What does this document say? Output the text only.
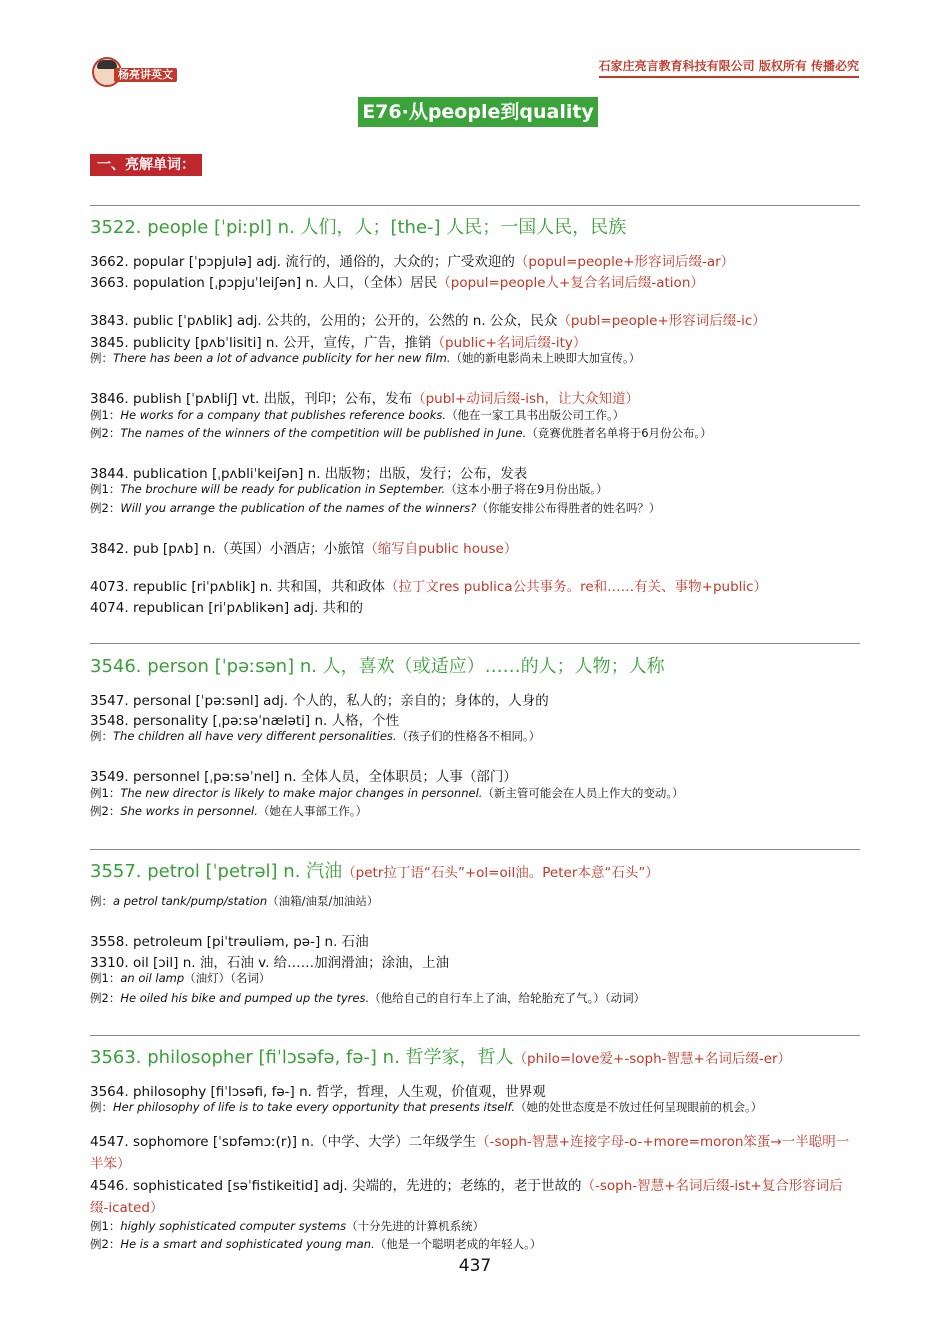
杨亮讲英文
石家庄亮言教育科技有限公司 版权所有 传播必究
E76·从people到quality
一、亮解单词：
3522. people [ˈpiːpl] n. 人们，人；[the-] 人民；一国人民，民族
3662. popular [ˈpɔpjulə] adj. 流行的，通俗的，大众的；广受欢迎的（popul=people+形容词后缀-ar）
3663. population [ˌpɔpjuˈleiʃən] n. 人口，（全体）居民（popul=people人+复合名词后缀-ation）
3843. public [ˈpʌblik] adj. 公共的，公用的；公开的，公然的 n. 公众，民众（publ=people+形容词后缀-ic）
3845. publicity [pʌbˈlisiti] n. 公开，宣传，广告，推销（public+名词后缀-ity）
例：There has been a lot of advance publicity for her new film.（她的新电影尚未上映即大加宣传。）
3846. publish [ˈpʌbliʃ] vt. 出版，刊印；公布，发布（publ+动词后缀-ish，让大众知道）
例1：He works for a company that publishes reference books.（他在一家工具书出版公司工作。）
例2：The names of the winners of the competition will be published in June.（竞赛优胜者名单将于6月份公布。）
3844. publication [ˌpʌbliˈkeiʃən] n. 出版物；出版，发行；公布，发表
例1：The brochure will be ready for publication in September.（这本小册子将在9月份出版。）
例2：Will you arrange the publication of the names of the winners?（你能安排公布得胜者的姓名吗？）
3842. pub [pʌb] n.（英国）小酒店；小旅馆（缩写自public house）
4073. republic [riˈpʌblik] n. 共和国，共和政体（拉丁文res publica公共事务。re和……有关、事物+public）
4074. republican [riˈpʌblikən] adj. 共和的
3546. person [ˈpəːsən] n. 人，喜欢（或适应）……的人；人物；人称
3547. personal [ˈpəːsənl] adj. 个人的，私人的；亲自的；身体的，人身的
3548. personality [ˌpəːsəˈnæləti] n. 人格，个性
例：The children all have very different personalities.（孩子们的性格各不相同。）
3549. personnel [ˌpəːsəˈnel] n. 全体人员，全体职员；人事（部门）
例1：The new director is likely to make major changes in personnel.（新主管可能会在人员上作大的变动。）
例2：She works in personnel.（她在人事部工作。）
3557. petrol [ˈpetrəl] n. 汽油（petr拉丁语“石头”+ol=oil油。Peter本意“石头”）
例：a petrol tank/pump/station（油箱/油泵/加油站）
3558. petroleum [piˈtrəuliəm, pə-] n. 石油
3310. oil [ɔil] n. 油，石油 v. 给……加润滑油；涂油，上油
例1：an oil lamp（油灯）（名词）
例2：He oiled his bike and pumped up the tyres.（他给自己的自行车上了油，给轮胎充了气。）（动词）
3563. philosopher [fiˈlɔsəfə, fə-] n. 哲学家，哲人（philo=love爱+-soph-智慧+名词后缀-er）
3564. philosophy [fiˈlɔsəfi, fə-] n. 哲学，哲理，人生观，价值观，世界观
例：Her philosophy of life is to take every opportunity that presents itself.（她的处世态度是不放过任何呈现眼前的机会。）
4547. sophomore [ˈsɒfəmɔː(r)] n.（中学、大学）二年级学生（-soph-智慧+连接字母-o-+more=moron笨蛋→一半聪明一半笨）
4546. sophisticated [səˈfistikeitid] adj. 尖端的，先进的；老练的，老于世故的（-soph-智慧+名词后缀-ist+复合形容词后缀-icated）
例1：highly sophisticated computer systems（十分先进的计算机系统）
例2：He is a smart and sophisticated young man.（他是一个聪明老成的年轻人。）
437
